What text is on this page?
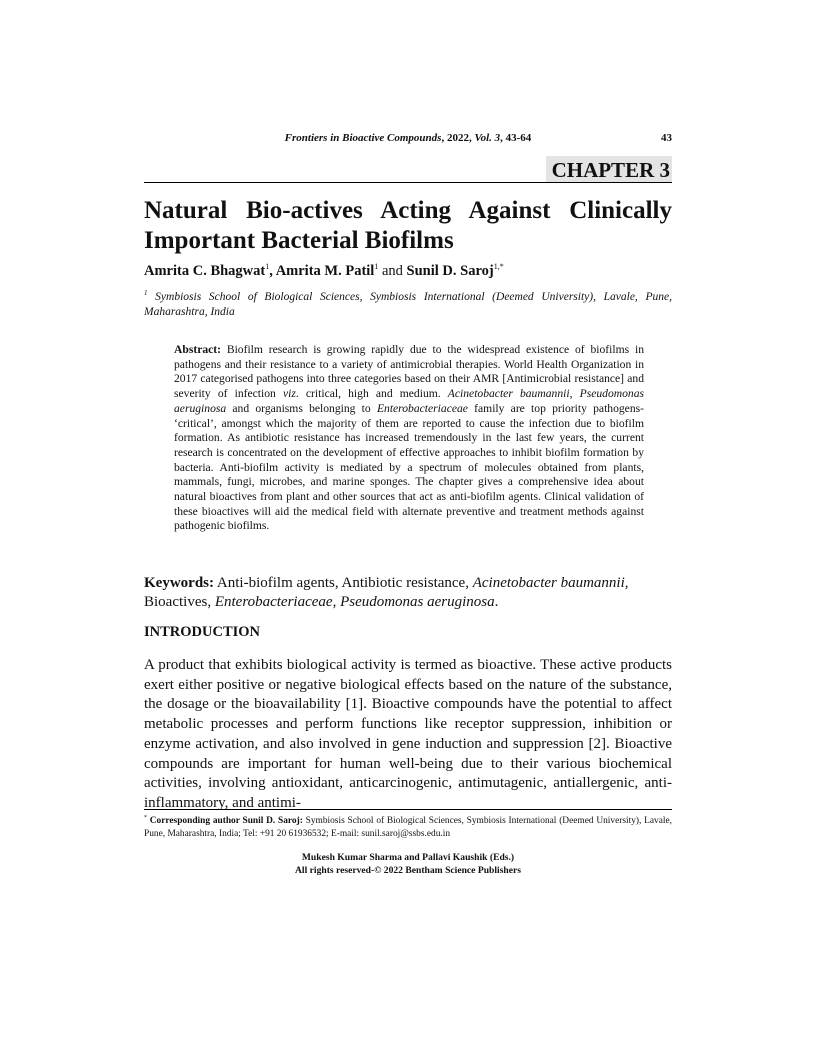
Frontiers in Bioactive Compounds, 2022, Vol. 3, 43-64	43
CHAPTER 3
Natural Bio-actives Acting Against Clinically
Important Bacterial Biofilms
Amrita C. Bhagwat$^1$, Amrita M. Patil$^1$ and Sunil D. Saroj$^{1,*}$
$^1$ Symbiosis School of Biological Sciences, Symbiosis International (Deemed University), Lavale, Pune, Maharashtra, India
Abstract: Biofilm research is growing rapidly due to the widespread existence of biofilms in pathogens and their resistance to a variety of antimicrobial therapies. World Health Organization in 2017 categorised pathogens into three categories based on their AMR [Antimicrobial resistance] and severity of infection viz. critical, high and medium. Acinetobacter baumannii, Pseudomonas aeruginosa and organisms belonging to Enterobacteriaceae family are top priority pathogens- ‘critical’, amongst which the majority of them are reported to cause the infection due to biofilm formation. As antibiotic resistance has increased tremendously in the last few years, the current research is concentrated on the development of effective approaches to inhibit biofilm formation by bacteria. Anti-biofilm activity is mediated by a spectrum of molecules obtained from plants, mammals, fungi, microbes, and marine sponges. The chapter gives a comprehensive idea about natural bioactives from plant and other sources that act as anti-biofilm agents. Clinical validation of these bioactives will aid the medical field with alternate preventive and treatment methods against pathogenic biofilms.
Keywords: Anti-biofilm agents, Antibiotic resistance, Acinetobacter baumannii, Bioactives, Enterobacteriaceae, Pseudomonas aeruginosa.
INTRODUCTION
A product that exhibits biological activity is termed as bioactive. These active products exert either positive or negative biological effects based on the nature of the substance, the dosage or the bioavailability [1]. Bioactive compounds have the potential to affect metabolic processes and perform functions like receptor suppression, inhibition or enzyme activation, and also involved in gene induction and suppression [2]. Bioactive compounds are important for human well-being due to their various biochemical activities, involving antioxidant, anticarcinogenic, antimutagenic, antiallergenic, anti-inflammatory, and antimi-
* Corresponding author Sunil D. Saroj: Symbiosis School of Biological Sciences, Symbiosis International (Deemed University), Lavale, Pune, Maharashtra, India; Tel: +91 20 61936532; E-mail: sunil.saroj@ssbs.edu.in
Mukesh Kumar Sharma and Pallavi Kaushik (Eds.)
All rights reserved-© 2022 Bentham Science Publishers
